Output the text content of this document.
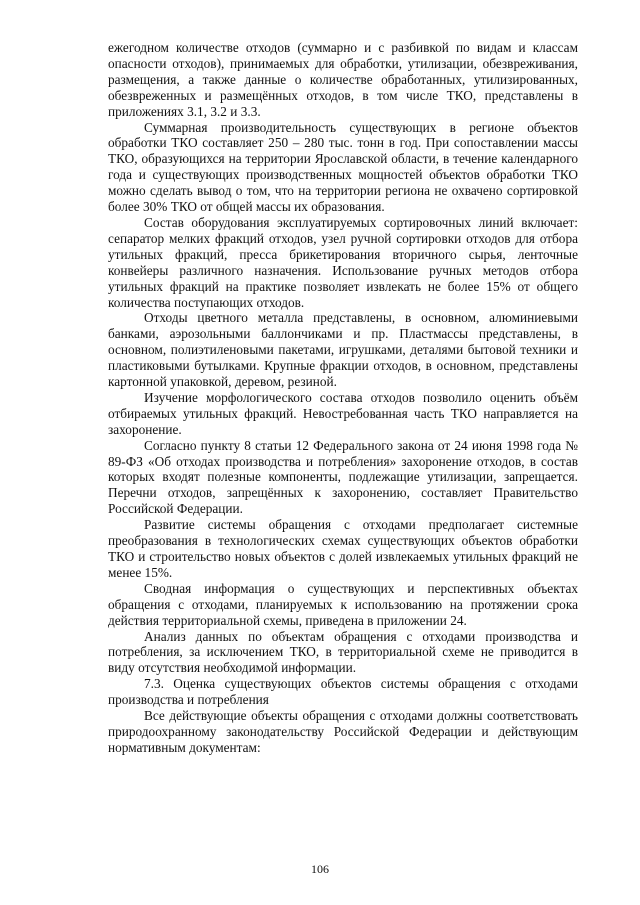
ежегодном количестве отходов (суммарно и с разбивкой по видам и классам опасности отходов), принимаемых для обработки, утилизации, обезвреживания, размещения, а также данные о количестве обработанных, утилизированных, обезвреженных и размещённых отходов, в том числе ТКО, представлены в приложениях 3.1, 3.2 и 3.3.

Суммарная производительность существующих в регионе объектов обработки ТКО составляет 250 – 280 тыс. тонн в год. При сопоставлении массы ТКО, образующихся на территории Ярославской области, в течение календарного года и существующих производственных мощностей объектов обработки ТКО можно сделать вывод о том, что на территории региона не охвачено сортировкой более 30% ТКО от общей массы их образования.

Состав оборудования эксплуатируемых сортировочных линий включает: сепаратор мелких фракций отходов, узел ручной сортировки отходов для отбора утильных фракций, пресса брикетирования вторичного сырья, ленточные конвейеры различного назначения. Использование ручных методов отбора утильных фракций на практике позволяет извлекать не более 15% от общего количества поступающих отходов.

Отходы цветного металла представлены, в основном, алюминиевыми банками, аэрозольными баллончиками и пр. Пластмассы представлены, в основном, полиэтиленовыми пакетами, игрушками, деталями бытовой техники и пластиковыми бутылками. Крупные фракции отходов, в основном, представлены картонной упаковкой, деревом, резиной.

Изучение морфологического состава отходов позволило оценить объём отбираемых утильных фракций. Невостребованная часть ТКО направляется на захоронение.

Согласно пункту 8 статьи 12 Федерального закона от 24 июня 1998 года № 89-ФЗ «Об отходах производства и потребления» захоронение отходов, в состав которых входят полезные компоненты, подлежащие утилизации, запрещается. Перечни отходов, запрещённых к захоронению, составляет Правительство Российской Федерации.

Развитие системы обращения с отходами предполагает системные преобразования в технологических схемах существующих объектов обработки ТКО и строительство новых объектов с долей извлекаемых утильных фракций не менее 15%.

Сводная информация о существующих и перспективных объектах обращения с отходами, планируемых к использованию на протяжении срока действия территориальной схемы, приведена в приложении 24.

Анализ данных по объектам обращения с отходами производства и потребления, за исключением ТКО, в территориальной схеме не приводится в виду отсутствия необходимой информации.

7.3. Оценка существующих объектов системы обращения с отходами производства и потребления

Все действующие объекты обращения с отходами должны соответствовать природоохранному законодательству Российской Федерации и действующим нормативным документам:

106
